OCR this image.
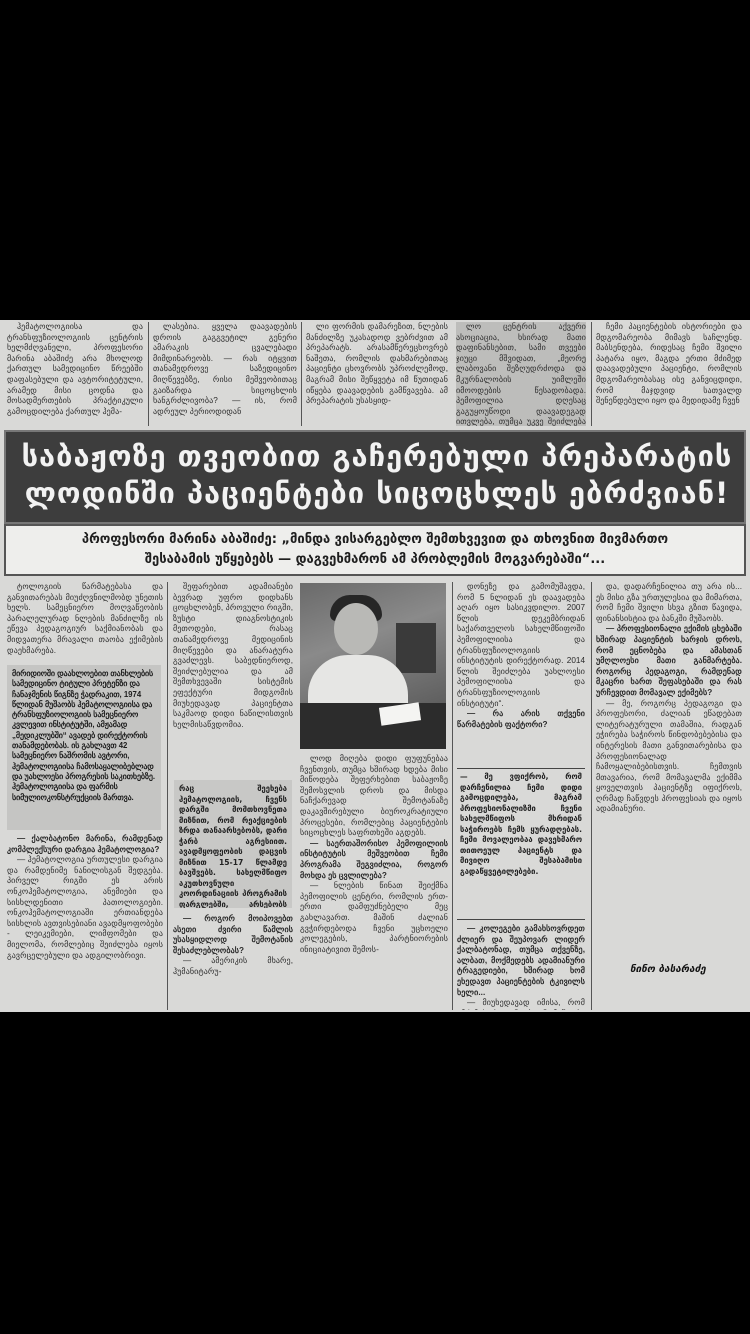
ჰემატოლოგიისა და ტრანსფუზიოლოგიის ცენტრის ხელმძღვანელი, პროფესორი მარინა აბაშიძე არა მხოლოდ ქართულ სამედიცინო წრეებში დაფასებული და ავტორიტეტული, არამედ მისი ცოდნა და მოსადმერთების პრაქტიკული გამოცდილება ქართულ ჰემა-

ლასებია. ყველა დაავადების დროის გაგგვეტილ გენერი ამარაკის ცვალებადი მიმდინარეობს. — რას იტყვით თანამედროვე საზედიცინო მიღწევებზე, რისი მეშვეობითაც გაიზარდა სიცოცხლის ხანგრძლივობა? — ის, რომ ადრეულ პერიოდიდან

ლი ფორმის დამარეზით, ნლების მანძილზე უკასადოდ ვებრძვით ამ პრეპარატს. არასამწერეცხოვრებ ნაშეთა, რომლის დახმარებითაც პაციენტი ცხოვრობს უპროძლემოდ, მაგრამ მისი შეწყვეტა იმ წუთიდან იწყება დაავადების გამწვავება. ამ პრეპარატის უსასყიდ-

ლო ცენტრის აქვერი ასოციაცია, ხსირად მათი დაფინანსებით, სამი თვეები ჯიუცი მშვიდათ, „მეორე ლაბოვანი შეზღუდრძოდა და მკურნალობის უიმლეში იმოოდების წესადობადა. პემოფილია დღესაც გაგუყოუწოდი დაავადეგად ითვლება, თუმცა უკვე შეიძლება

ჩემი პაციენტების ისტორიები და მდგომარეობა მიმავს საჩლენდ. მაბსენდება, რიდესაც ჩემი შვილი პატარა იყო, მაგდა ერთი მძიმედ დაავადებული პაციენტი, რომლის მდგომარეობასაც ისე განვიცდიდი, რომ მაჯდვიდ სათვალდ შენეწდებული იყო და მედიდამე ჩვენ

საბაჟოზე თვეობით გაჩერებული პრეპარატის
ლოდინში პაციენტები სიცოცხლეს ებრძვიან!
პროფესორი მარინა აბაშიძე: „მინდა ვისარგებლო შემთხვევით და თხოვნით მივმართო
შესაბამის უწყებებს — დაგვეხმარონ ამ პრობლემის მოგვარებაში“...

ტოლოგიის წარმატებასა და განვითარებას მიუძღვნილმობდ უნეთის ხელს. სამეცნიერო მოღვაწეობის პარალელურად ნლების მანძილზე ის ეწევა პედაგოგიურ საქმიანობას და მიდვათერა მრავალი თაობა ექიმების დაეხმარება.

მირიდიოში დაახლოებით თანხლების სამედიცინო ტიტული პრეტენზი და ჩანაჯმენის წიგნზე ჭადრაკით, 1974 წლიდან მუშაობს ჰემატოლოგიისა და ტრანსფუზიოლოგიის სამეცნიერო კვლევით ინსტიტუტში, ამჟამად „მედიკლუბში“ ავადებ დირექტორის თანამდებობას. ის გახლავთ 42 სამეცნიერო ნაშრომის ავტორი, ჰემატოლოგიისა ჩამოსაყალიბებლად და უახლოესი პროგრესის საკითხებზე. ჰემატოლოგიისა და ფარმის სიმულიოკონსტრუქციის მართვა.

— ქალბატონო მარინა, რამდენად კომპლექსური დარგია ჰემატოლოგია?

— ჰემატოლოგია ურთულესი დარგია და რამდენიმე ნანილისგან შედგება. პირველ რიგში ეს არის ონკოჰემატოლოგია, ანემიები და სისხლდენითი პათოლოგიები. ონკოჰემატოლოგიაში ერთიანდება სისხლის ავთვისებიანი ავადმყოფობები - ლეიკემიები, ლიმფომები და მიელომა, რომლებიც შეიძლება იყოს გავრცელებული და ადგილობრივი.

შეფარებით ადამიანები ბევრად უფრო დიდხანს ცოცხლობენ, პროვული რიგში, ზუსტი დიაგნოსტიკის მეთოდები, რასაც თანამედროვე მედიცინის მიღწევები და ანარატურა გვაძლევს. საბედნიეროდ, შეიძლებულია და ამ შემთხვევაში სისტემის ეფექტური მიდგომის მიუხედავად პაციენტთა საკმაოდ დიდი ნაწილისთვის ხელმისაწვდომია.

რაც შეეხება ჰემატოლოგიის, ჩვენს დარგში მომთხოვნეთა მიზნით, რომ რეაქციების ზრდა თანაარსებობს, დარი ჭარბ აგრესიით. ავადმყოფეობის დაცვის მიზნით 15-17 წლამდე ბავშვებს. სახელმწიფო აკუთხოვნული კოორდინაციის პროგრამის ფარგლებში, არსებობს

— როგორ მოიპოვებთ ასეთი ძვირი წამლის უსასყიდლოდ შემოტანის შესაძლებლობას?

— ამერიკის მხარე, ჰუმანიტარუ-

ლოდ მიღება დიდი ფუფუნებაა ჩვენთვის, თუმცა ხშირად ხდება მისი მიწოდება შეფერხებით საბაჟოზე შემოსვლის დროს და მისდა ნაჩქარევად შემოტანაზე დაკავშირებული ბიუროკრატიული პროცესები, რომლებიც პაციენტების სიცოცხლეს საფრთხეში აგდებს.

— საერთაშორისო პემოფილიის ინსტიტუტის მეშვეობით ჩემი პროგრამა შეგვიძლია, როგორ მოხდა ეს ცვლილება?

— ნლების წინათ შეიქმნა პემოფილის ცენტრი, რომლის ერთ-ერთი დამფუძნებელი მეც გახლავართ. მაშინ ძალიან გვჭირდებოდა ჩვენი უცხოელი კოლეგების, პარტნიორების ინიციატივით შემოს-

დონეზე და გამომუშავდა, რომ 5 ნლიდან ეს დაავადება აღარ იყო სასიკვდილო. 2007 წლის დეკემბრიდან საქართველოს სახელმწიფოში პემოფილიისა და ტრანსფუზიოლოგიის ინსტიტუტის დირექტორად. 2014 წლის შეიძლება უახლოესი პემოფილიისა და ტრანსფუზიოლოგიის ინსტიტუტი“.

— რა არის თქვენი წარმატების ფაქტორი?

— მე ვფიქრობ, რომ დარჩენილია ჩემი დიდი გამოცდილება, მაგრამ პროფესიონალიზმი ჩვენი სახელმწიფოს მხრიდან საჭიროებს ჩემს ყურადღებას. ჩემი მოვალეობაა დავეხმარო თითოეულ პაციენტს და მივიღო შესაბამისი გადაწყვეტილებები.

— კოლეგები გამახსოვრდეთ ძლიერ და შეუპოვარ ლიდერ ქალბატონად, თუმცა თქვენზე, ალბათ, მოქმედებს ადამიანური ტრაგედიები, ხშირად ხომ ეხედავთ პაციენტების ტკივილს ხელი...

— მიუხედავად იმისა, რომ

და, დადარჩენილია თუ არა ის... ეს მისი გზა ურთულესია და მიმართა, რომ ჩემი შვილი სხვა გზით წავიდა, ფინანსისტია და ბანკში მუშაობს.

— პროფესიონალი ექიმის ცხებაში ხშირად პაციენტის ხარჯის დროს, რომ ეცნობება და ამასთან უმღლოესი მათი განმარტება. როგორც პედაგოგი, რამდენად მკაცრი ხართ შეფასებაში და რას ურჩევდით მომავალ ექიმებს?

— მე, როგორც პედაგოგი და პროფესორი, ძალიან ეწადებათ ლიტერატურული თამაშია, რადგან ეჭირება საჭიროს წინდობებებისა და ინტერესის მათი განვითარებისა და პროფესიონალად ჩამოყალიბებისთვის. ჩემთვის მთავარია, რომ მომავალმა ექიმმა ყოველთვის პაციენტზე იფიქროს, ღრმად ჩაწვდეს პროფესიას და იყოს ადამიანური.

ნინო ბასარაძე
